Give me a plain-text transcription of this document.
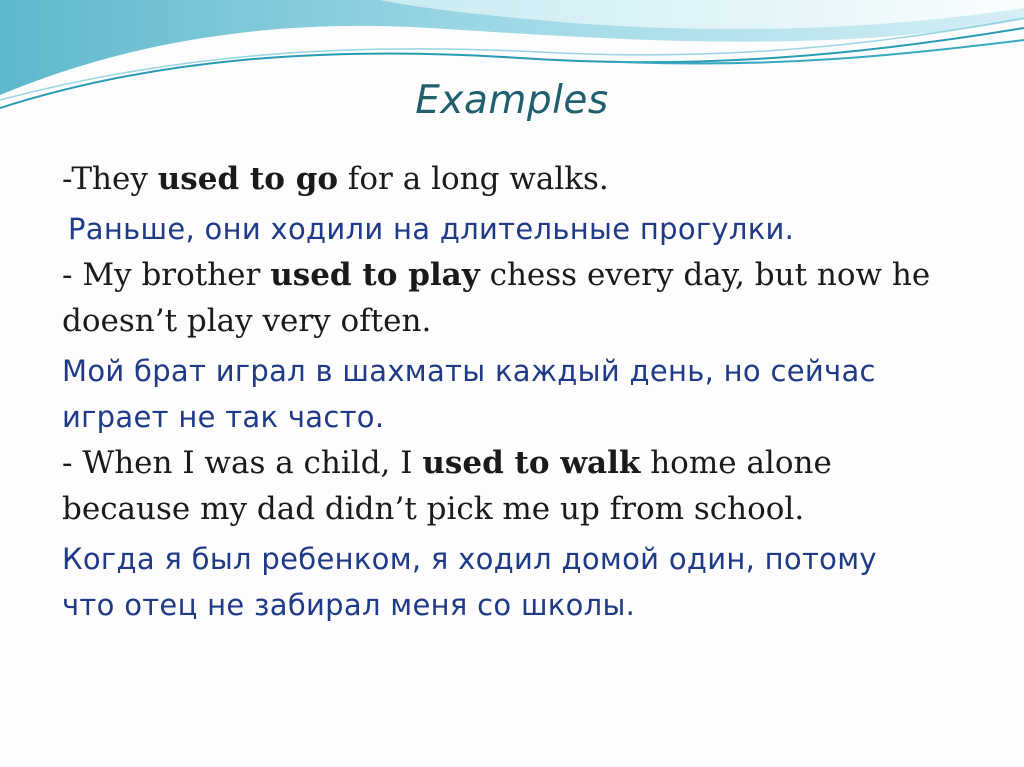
Examples
-They used to go for a long walks.
Раньше, они ходили на длительные прогулки.
- My brother used to play chess every day, but now he
doesn’t play very often.
Мой брат играл в шахматы каждый день, но сейчас
играет не так часто.
- When I was a child, I used to walk home alone
because my dad didn’t pick me up from school.
Когда я был ребенком, я ходил домой один, потому
что отец не забирал меня со школы.
